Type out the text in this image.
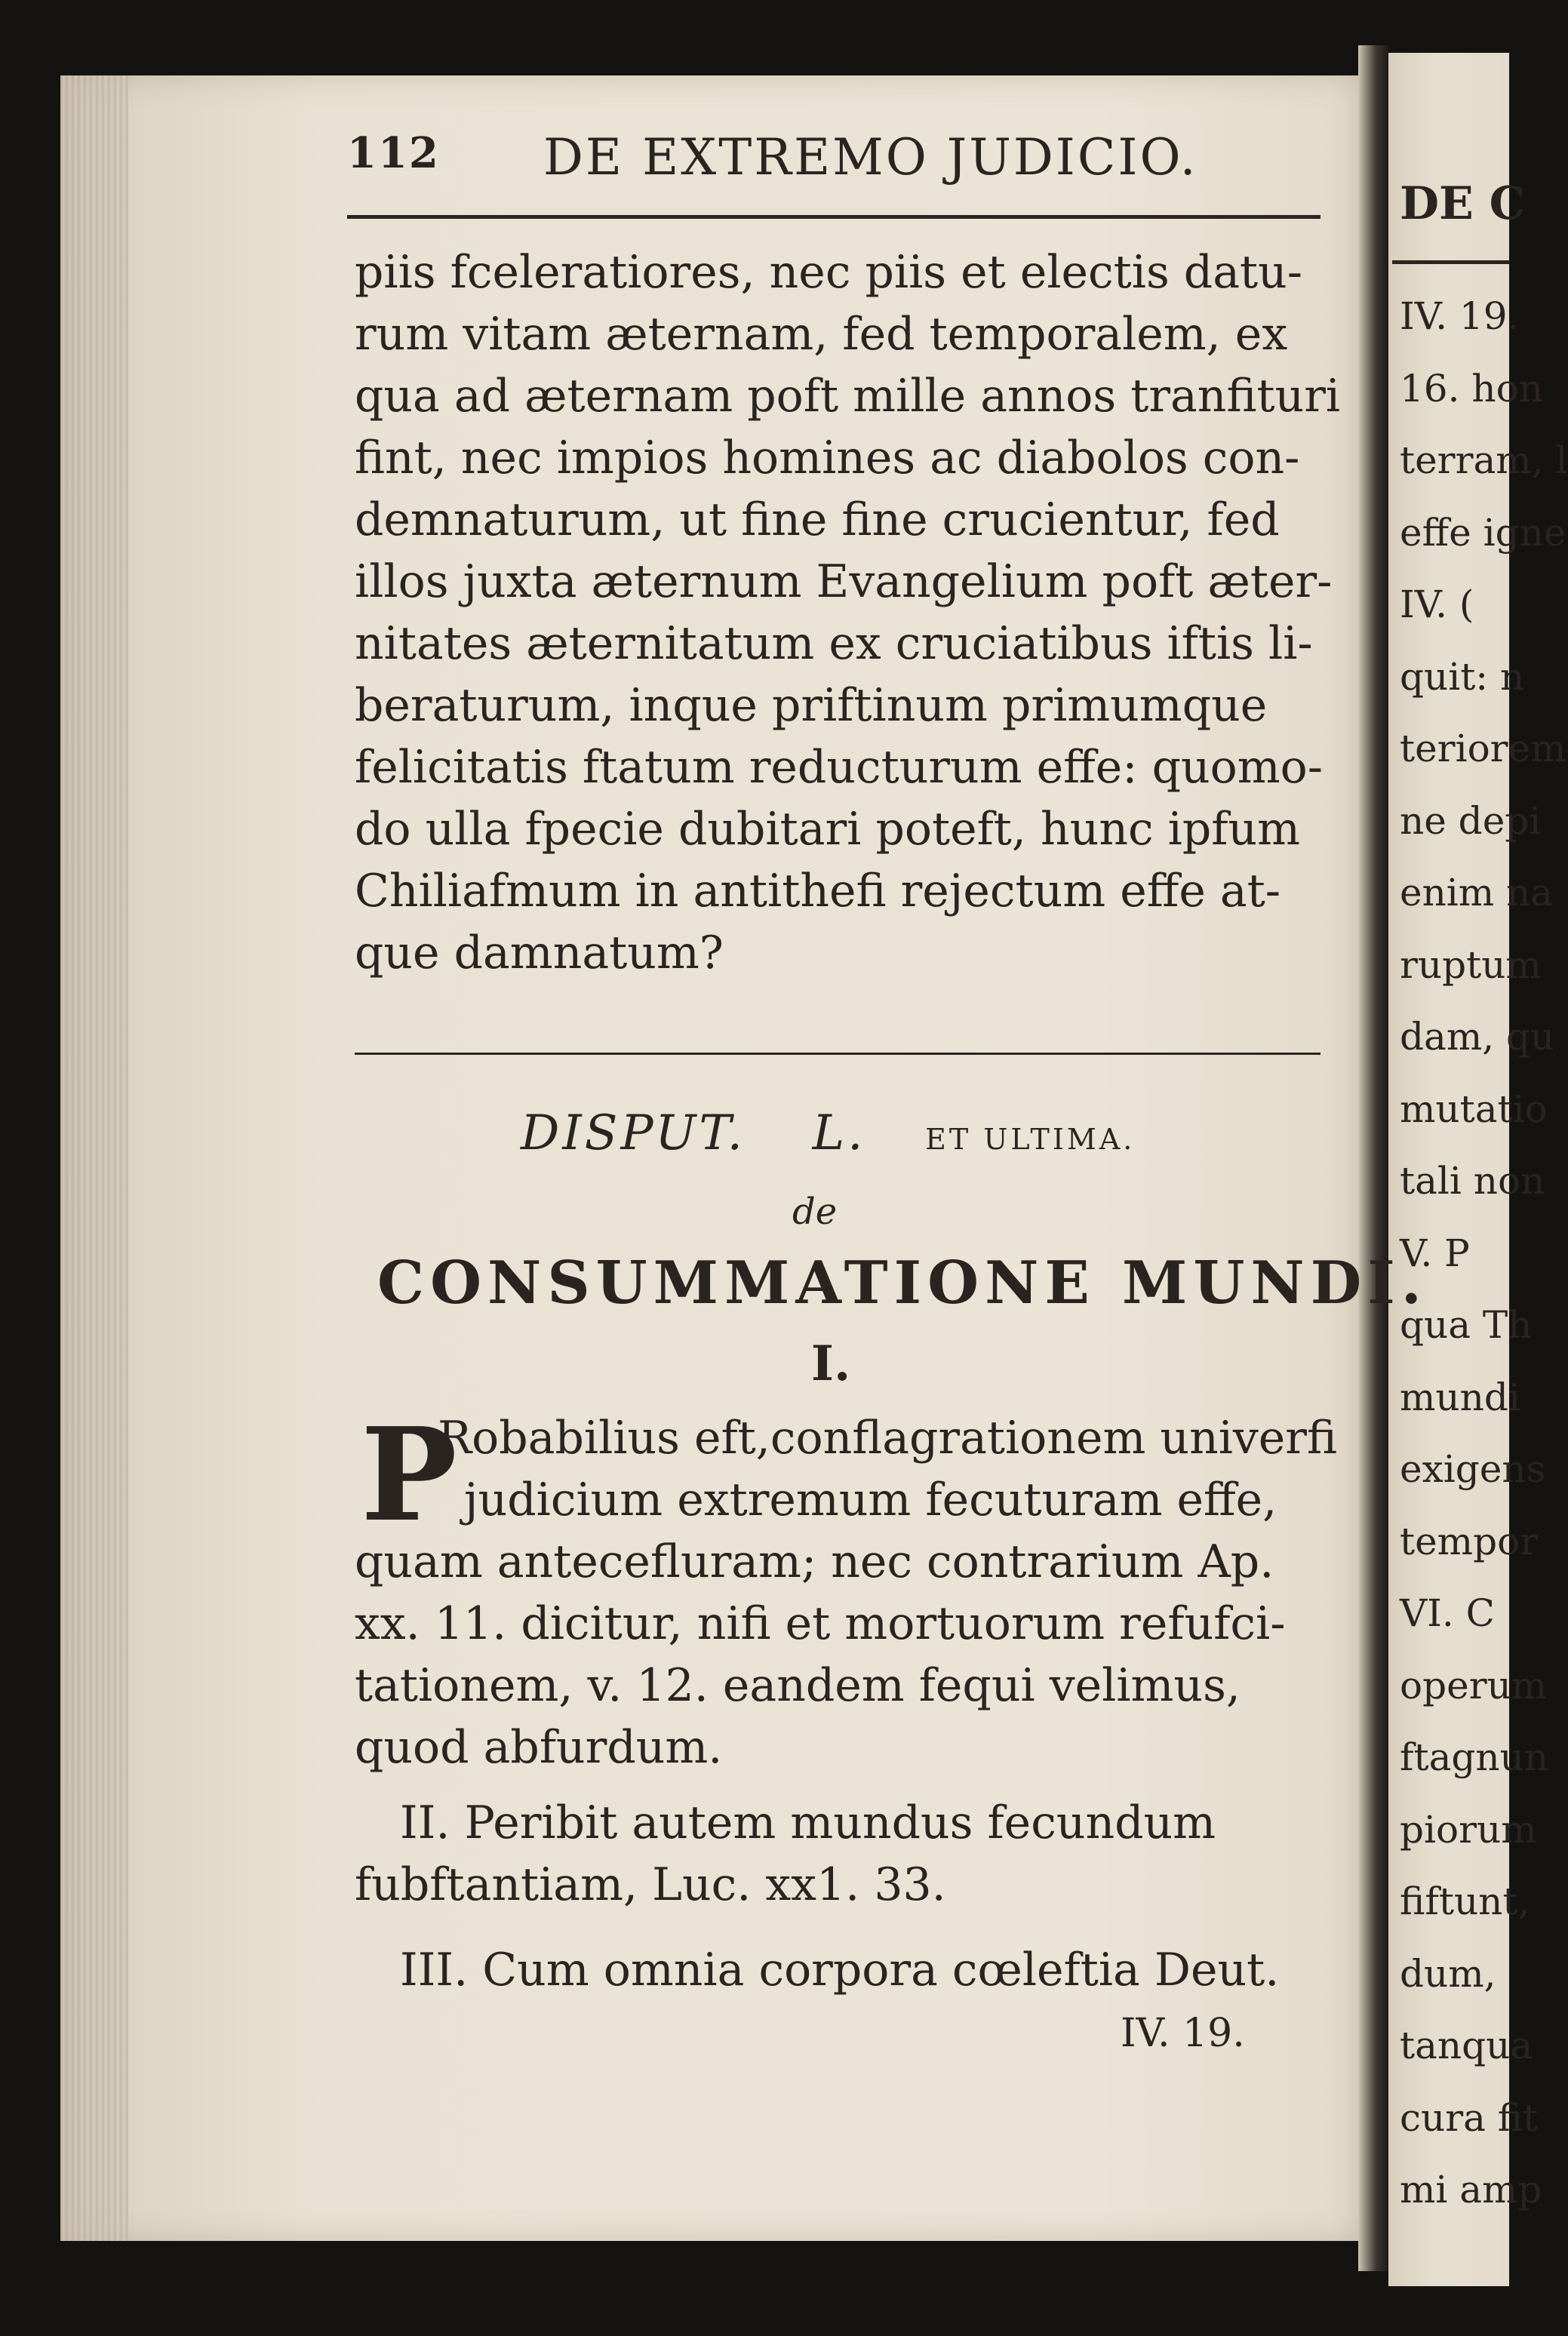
112 DE EXTREMO JUDICIO.
piis fceleratiores, nec piis et electis datu-
rum vitam æternam, fed temporalem, ex
qua ad æternam poft mille annos tranfituri
fint, nec impios homines ac diabolos con-
demnaturum, ut fine fine crucientur, fed
illos juxta æternum Evangelium poft æter-
nitates æternitatum ex cruciatibus iftis li-
beraturum, inque priftinum primumque
felicitatis ftatum reducturum effe: quomo-
do ulla fpecie dubitari poteft, hunc ipfum
Chiliafmum in antithefi rejectum effe at-
que damnatum?
DISPUT. L. ET ULTIMA.
de
CONSUMMATIONE MUNDI.
I.
P
Robabilius eft,conflagrationem univerfi
judicium extremum fecuturam effe,
quam antecefluram; nec contrarium Ap.
xx. 11. dicitur, nifi et mortuorum refufci-
tationem, v. 12. eandem fequi velimus,
quod abfurdum.
II. Peribit autem mundus fecundum
fubftantiam, Luc. xx1. 33.
III. Cum omnia corpora cœleftia Deut.
IV. 19.
DE C
IV. 19.
16. hon
terram, l
effe igne
IV. (
quit: n
teriorem
ne depi
enim na
ruptum
dam, qu
mutatio
tali non
V. P
qua Th
mundi
exigens
tempor
VI. C
operum
ftagnun
piorum
fiftunt,
dum,
tanqua
cura fit
mi amp
